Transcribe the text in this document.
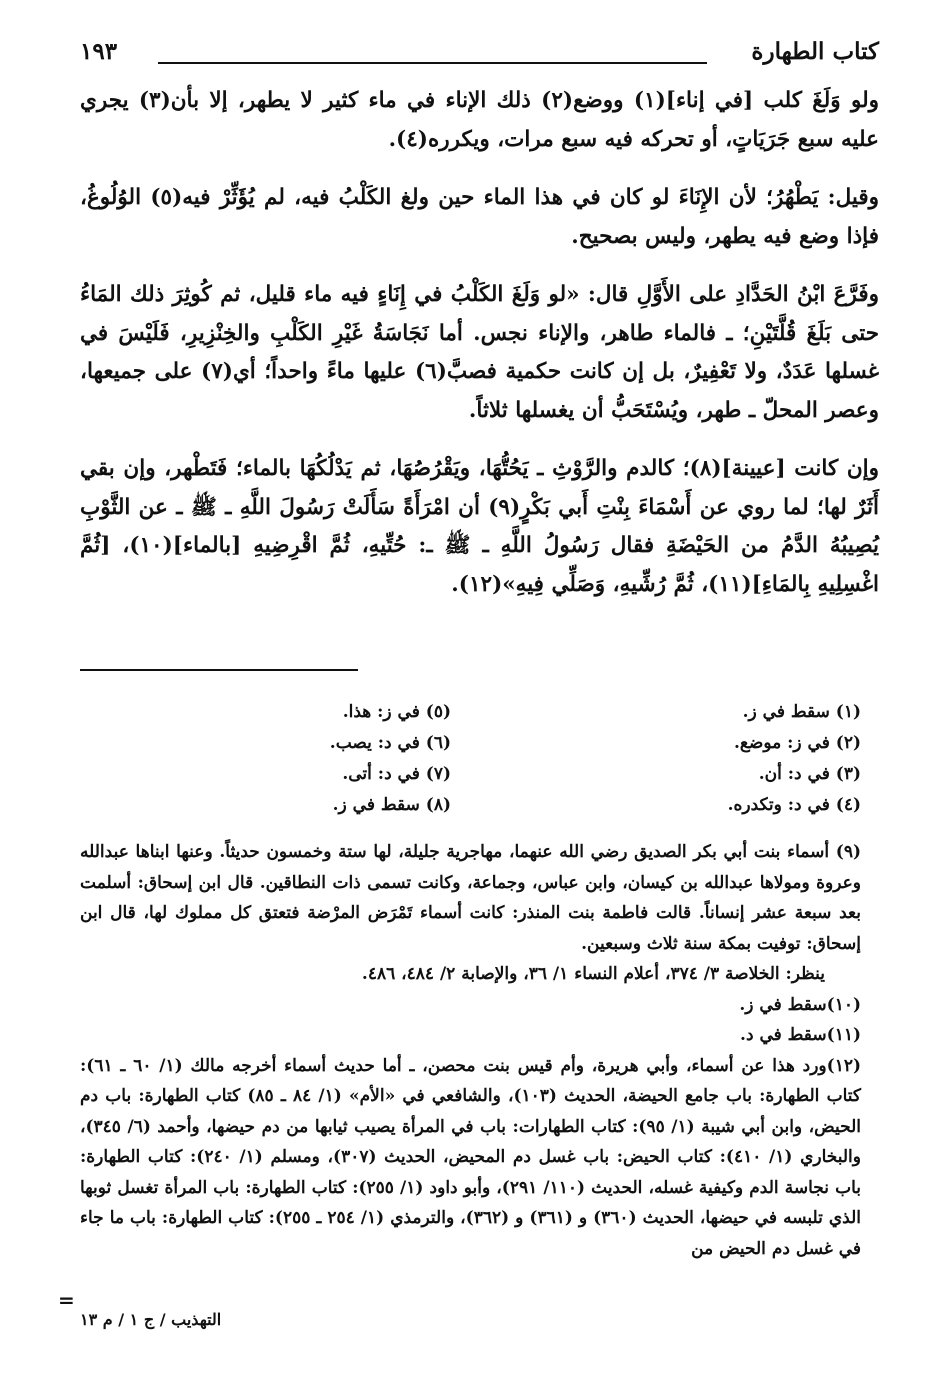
كتاب الطهارة
١٩٣

ولو وَلَغَ كلب [في إناء](١) ووضع(٢) ذلك الإناء في ماء كثير لا يطهر، إلا بأن(٣) يجري عليه سبع جَرَيَاتٍ، أو تحركه فيه سبع مرات، ويكرره(٤).

وقيل: يَطْهُرُ؛ لأن الإِنَاءَ لو كان في هذا الماء حين ولغ الكَلْبُ فيه، لم يُؤَثِّرْ فيه(٥) الوُلُوغُ، فإذا وضع فيه يطهر، وليس بصحيح.

وفَرَّعَ ابْنُ الحَدَّادِ على الأَوَّلِ قال: «لو وَلَغَ الكَلْبُ في إِنَاءٍ فيه ماء قليل، ثم كُوثِرَ ذلك المَاءُ حتى بَلَغَ قُلَّتَيْنِ؛ ـ فالماء طاهر، والإناء نجس. أما نَجَاسَةُ غَيْرِ الكَلْبِ والخِنْزِيرِ، فَلَيْسَ في غسلها عَدَدٌ، ولا تَعْفِيرٌ، بل إن كانت حكمية فصبَّ(٦) عليها ماءً واحداً؛ أي(٧) على جميعها، وعصر المحلّ ـ طهر، ويُسْتَحَبُّ أن يغسلها ثلاثاً.

وإن كانت [عيينة](٨)؛ كالدم والرَّوْثِ ـ يَحُتُّهَا، ويَقْرُصُهَا، ثم يَدْلُكُهَا بالماء؛ فَتَطْهر، وإن بقي أَثَرٌ لها؛ لما روي عن أَسْمَاءَ بِنْتِ أَبي بَكْرٍ(٩) أن امْرَأَةً سَأَلَتْ رَسُولَ اللَّهِ ـ ﷺ ـ عن الثَّوْبِ يُصِيبُهُ الدَّمُ من الحَيْضَةِ فقال رَسُولُ اللَّهِ ـ ﷺ ـ: حُتِّيهِ، ثُمَّ اقْرِضِيهِ [بالماء](١٠)، [ثُمَّ اغْسِلِيهِ بِالمَاءِ](١١)، ثُمَّ رُشِّيهِ، وَصَلِّي فِيهِ»(١٢).

(١) سقط في ز.
(٢) في ز: موضع.
(٣) في د: أن.
(٤) في د: وتكدره.
(٥) في ز: هذا.
(٦) في د: يصب.
(٧) في د: أتى.
(٨) سقط في ز.

(٩) أسماء بنت أبي بكر الصديق رضي الله عنهما، مهاجرية جليلة، لها ستة وخمسون حديثاً. وعنها ابناها عبدالله وعروة ومولاها عبدالله بن كيسان، وابن عباس، وجماعة، وكانت تسمى ذات النطاقين. قال ابن إسحاق: أسلمت بعد سبعة عشر إنساناً. قالت فاطمة بنت المنذر: كانت أسماء تَمْرَض المرْضة فتعتق كل مملوك لها، قال ابن إسحاق: توفيت بمكة سنة ثلاث وسبعين.

ينظر: الخلاصة ٣/ ٣٧٤، أعلام النساء ١/ ٣٦، والإصابة ٢/ ٤٨٤، ٤٨٦.

(١٠)سقط في ز.

(١١)سقط في د.

(١٢)ورد هذا عن أسماء، وأبي هريرة، وأم قيس بنت محصن، ـ أما حديث أسماء أخرجه مالك (١/ ٦٠ ـ ٦١): كتاب الطهارة: باب جامع الحيضة، الحديث (١٠٣)، والشافعي في «الأم» (١/ ٨٤ ـ ٨٥) كتاب الطهارة: باب دم الحيض، وابن أبي شيبة (١/ ٩٥): كتاب الطهارات: باب في المرأة يصيب ثيابها من دم حيضها، وأحمد (٦/ ٣٤٥)، والبخاري (١/ ٤١٠): كتاب الحيض: باب غسل دم المحيض، الحديث (٣٠٧)، ومسلم (١/ ٢٤٠): كتاب الطهارة: باب نجاسة الدم وكيفية غسله، الحديث (١١٠/ ٢٩١)، وأبو داود (١/ ٢٥٥): كتاب الطهارة: باب المرأة تغسل ثوبها الذي تلبسه في حيضها، الحديث (٣٦٠) و (٣٦١) و (٣٦٢)، والترمذي (١/ ٢٥٤ ـ ٢٥٥): كتاب الطهارة: باب ما جاء في غسل دم الحيض من

=
التهذيب / ج ١ / م ١٣
